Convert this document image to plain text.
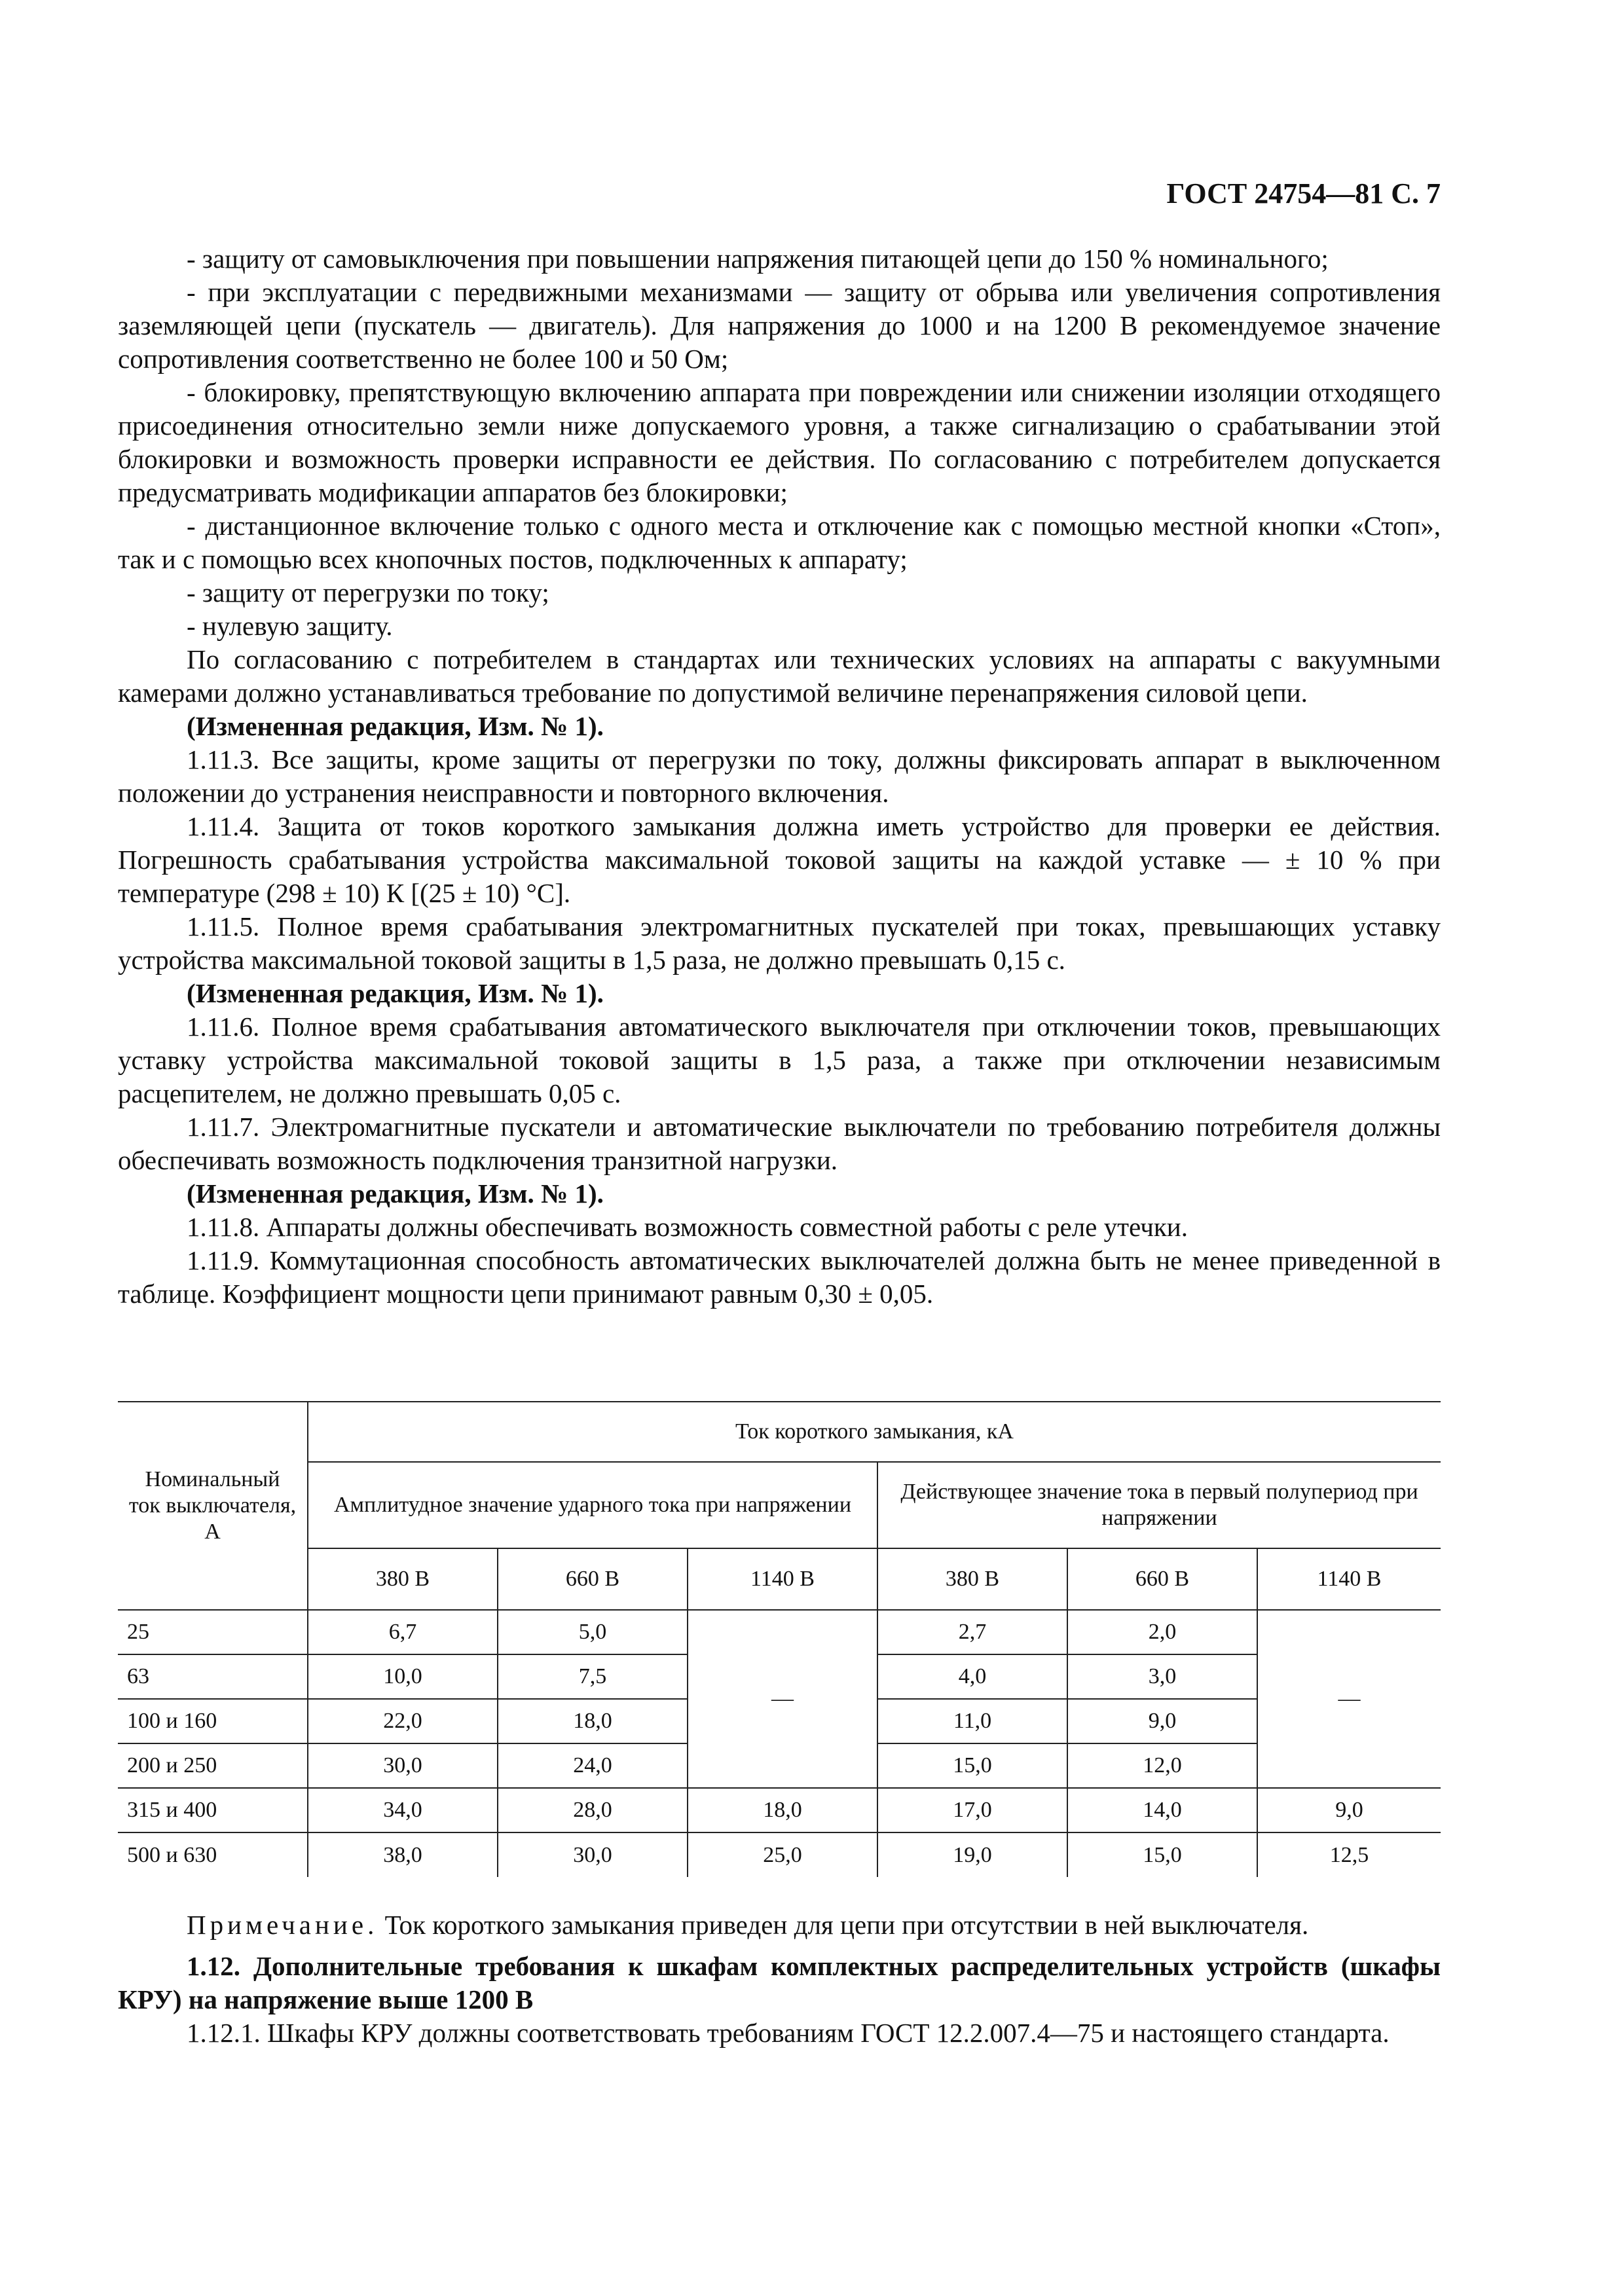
ГОСТ 24754—81 С. 7

- защиту от самовыключения при повышении напряжения питающей цепи до 150 % номинального;

- при эксплуатации с передвижными механизмами — защиту от обрыва или увеличения сопротивления заземляющей цепи (пускатель — двигатель). Для напряжения до 1000 и на 1200 В рекомендуемое значение сопротивления соответственно не более 100 и 50 Ом;

- блокировку, препятствующую включению аппарата при повреждении или снижении изоляции отходящего присоединения относительно земли ниже допускаемого уровня, а также сигнализацию о срабатывании этой блокировки и возможность проверки исправности ее действия. По согласованию с потребителем допускается предусматривать модификации аппаратов без блокировки;

- дистанционное включение только с одного места и отключение как с помощью местной кнопки «Стоп», так и с помощью всех кнопочных постов, подключенных к аппарату;

- защиту от перегрузки по току;

- нулевую защиту.

По согласованию с потребителем в стандартах или технических условиях на аппараты с вакуумными камерами должно устанавливаться требование по допустимой величине перенапряжения силовой цепи.

(Измененная редакция, Изм. № 1).

1.11.3. Все защиты, кроме защиты от перегрузки по току, должны фиксировать аппарат в выключенном положении до устранения неисправности и повторного включения.

1.11.4. Защита от токов короткого замыкания должна иметь устройство для проверки ее действия. Погрешность срабатывания устройства максимальной токовой защиты на каждой уставке — ± 10 % при температуре (298 ± 10) К [(25 ± 10) °C].

1.11.5. Полное время срабатывания электромагнитных пускателей при токах, превышающих уставку устройства максимальной токовой защиты в 1,5 раза, не должно превышать 0,15 с.

(Измененная редакция, Изм. № 1).

1.11.6. Полное время срабатывания автоматического выключателя при отключении токов, превышающих уставку устройства максимальной токовой защиты в 1,5 раза, а также при отключении независимым расцепителем, не должно превышать 0,05 с.

1.11.7. Электромагнитные пускатели и автоматические выключатели по требованию потребителя должны обеспечивать возможность подключения транзитной нагрузки.

(Измененная редакция, Изм. № 1).

1.11.8. Аппараты должны обеспечивать возможность совместной работы с реле утечки.

1.11.9. Коммутационная способность автоматических выключателей должна быть не менее приведенной в таблице. Коэффициент мощности цепи принимают равным 0,30 ± 0,05.

Номинальный ток выключателя, А	Ток короткого замыкания, кА					
	Амплитудное значение ударного тока при напряжении			Действующее значение тока в первый полупериод при напряжении		
	380 В	660 В	1140 В	380 В	660 В	1140 В
25	6,7	5,0	—	2,7	2,0	—
63	10,0	7,5		4,0	3,0	
100 и 160	22,0	18,0		11,0	9,0	
200 и 250	30,0	24,0		15,0	12,0	
315 и 400	34,0	28,0	18,0	17,0	14,0	9,0
500 и 630	38,0	30,0	25,0	19,0	15,0	12,5

Примечание. Ток короткого замыкания приведен для цепи при отсутствии в ней выключателя.

1.12. Дополнительные требования к шкафам комплектных распределительных устройств (шкафы КРУ) на напряжение выше 1200 В

1.12.1. Шкафы КРУ должны соответствовать требованиям ГОСТ 12.2.007.4—75 и настоящего стандарта.
